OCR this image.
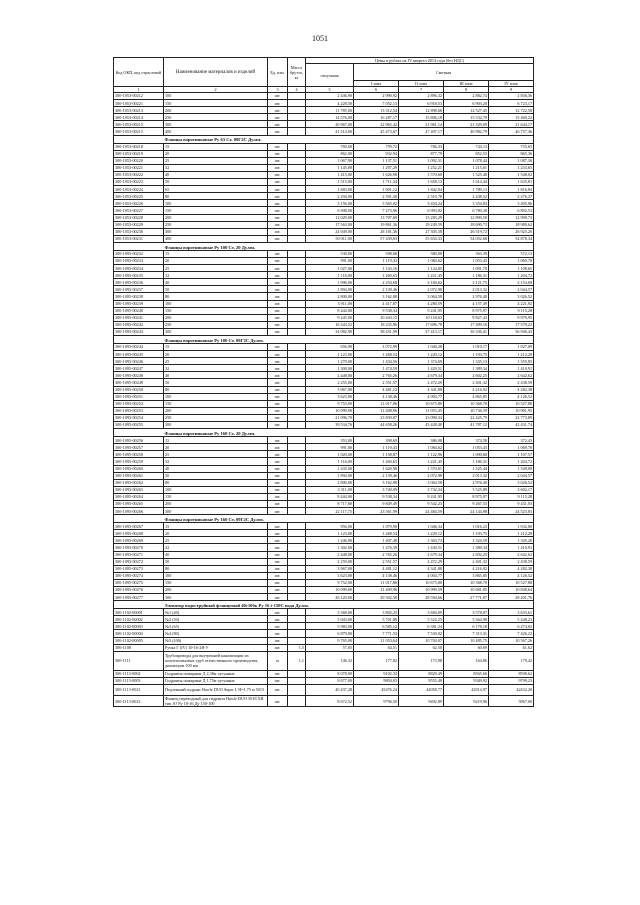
1051
Код ОКП, код отраслевой	Наименование материалов и изделий	Ед. изм.	Масса брутто, кг	Цены в рублях на IV квартал 2014 года (без НДС)				
				отпускная	Сметная			
					I зона	II зона	III зона	IV зона
1	2	3	4	5	6	7	8	9
300-1053-00212	100	шт.		2 446,90	2 990,92	2 896,32	2 882,74	2 836,36
300-1053-00221	150	шт.		4 228,50	7 052,13	6 918,53	6 903,20	6 723,17
300-1053-00213	200	шт.		11 785,00	13 312,54	12 898,68	12 527,45	12 722,58
300-1053-00214	250	шт.		14 576,00	16 287,17	15 806,18	15 532,79	15 469,22
300-1053-00215	300	шт.		20 967,00	22 965,42	21 961,14	21 329,09	21 644,17
300-1053-00215	400	шт.		41 514,00	45 473,67	47 407,17	46 982,79	46 757,46
	Фланцы воротниковые Ру 63 Ст. 09Г2С Ду.мм.							
300-1053-00218	15	шт.		760,00	759,72	766,33	744,13	755,65
300-1053-00219	20	шт.		862,00	932,94	877,79	852,53	865,36
300-1053-00220	25	шт.		1 067,90	1 137,51	1 092,31	1 078,44	1 087,36
300-1053-00221	32	шт.		1 145,00	1 297,29	1 252,21	1 215,61	1 233,65
300-1053-00222	40	шт.		1 415,00	1 626,98	1 570,60	1 525,40	1 548,02
300-1053-00223	50	шт.		1 515,00	1 711,34	1 658,13	1 614,44	1 635,81
300-1053-00224	65	шт.		1 683,00	1 901,12	1 842,04	1 789,13	1 816,84
300-1053-00225	80	шт.		2 294,00	2 591,30	2 510,78	2 438,52	2 476,37
300-1053-00226	100	шт.		3 156,00	3 565,02	3 454,24	3 354,83	3 405,96
300-1053-00227	150	шт.		6 908,00	7 273,96	6 993,82	6 780,28	6 892,53
300-1053-00228	200	шт.		12 029,00	13 707,69	13 283,29	12 890,50	12 999,73
300-1053-00229	250	шт.		17 563,00	19 861,36	19 249,59	18 690,73	18 980,62
300-1053-00230	300	шт.		24 949,00	28 181,36	27 305,58	26 519,72	26 925,26
300-1053-00231	400	шт.		50 011,00	57 439,03	55 654,33	54 052,68	54 878,34
	Фланцы воротниковые Ру 100 Ст. 20 Ду.мм.							
300-1095-00232	15	шт.		530,00	598,68	580,08	563,39	572,13
300-1095-00233	20	шт.		991,00	1 119,43	1 084,62	1 053,43	1 069,78
300-1095-00234	25	шт.		1 027,00	1 143,16	1 124,05	1 091,70	1 108,65
300-1095-00235	32	шт.		1 116,00	1 260,63	1 221,45	1 186,31	1 204,72
300-1095-00236	40	шт.		1 996,00	2 254,68	2 184,62	2 121,75	2 154,68
300-1095-00237	50	шт.		1 894,00	2 139,46	2 072,98	2 013,32	2 044,57
300-1095-00238	80	шт.		2 800,00	3 162,88	3 064,58	2 976,40	3 026,52
300-1095-00239	100	шт.		3 911,00	4 417,87	4 280,59	4 157,39	4 221,92
300-1095-00240	150	шт.		8 444,00	9 538,34	9 241,95	8 975,97	9 115,28
300-1095-00241	200	шт.		9 245,00	10 443,15	10 118,63	9 827,43	9 979,95
300-1095-00242	250	шт.		16 343,52	18 235,86	17 696,78	17 499,16	17 579,22
300-1095-00243	300	шт.		34 082,90	38 431,99	37 413,17	36 336,41	36 946,43
	Фланцы воротниковые Ру 100 Ст. 09Г2С Ду.мм.							
300-1095-00244	15	шт.		656,90	1 072,99	1 040,28	1 010,17	1 027,09
300-1095-00245	20	шт.		1 123,00	1 268,54	1 229,12	1 193,75	1 212,28
300-1095-00246	25	шт.		1 270,00	1 434,56	1 374,69	1 335,13	1 355,85
300-1095-00247	32	шт.		1 300,00	1 474,59	1 429,51	1 389,34	1 410,91
300-1095-00248	40	шт.		2 448,00	2 765,26	2 679,34	2 602,25	2 642,62
300-1095-00249	50	шт.		2 255,00	2 551,57	2 472,29	2 401,32	2 438,59
300-1095-00250	80	шт.		3 967,00	4 481,12	4 341,88	4 216,92	4 282,38
300-1095-00251	100	шт.		3 623,00	4 138,46	4 004,77	4 865,85	4 126,52
300-1095-00252	150	шт.		9 753,00	11 017,86	10 675,80	10 368,70	10 527,88
300-1095-00253	200	шт.		10 099,00	11 408,96	11 053,45	10 736,59	10 901,95
300-1095-00254	250	шт.		21 096,70	23 830,87	23 090,34	22 425,79	22 773,89
300-1095-00255	300	шт.		39 534,76	44 658,26	43 428,40	41 787,12	42 431,74
	Фланцы воротниковые Ру 160 Ст. 20 Ду.мм.							
300-1095-00256	15	шт.		353,00	398,69	386,08	374,58	372,43
300-1095-00257	20	шт.		991,00	1 119,43	1 084,62	1 053,43	1 069,78
300-1095-00258	25	шт.		1 020,00	1 158,87	1 122,96	1 090,60	1 107,57
300-1095-00259	32	шт.		1 116,00	1 260,63	1 221,45	1 186,31	1 204,72
300-1095-00260	40	шт.		1 435,00	1 620,98	1 570,61	1 525,44	1 549,08
300-1095-00261	50	шт.		1 894,00	2 139,46	2 072,98	2 013,32	2 044,57
300-1095-00262	80	шт.		2 800,00	3 162,88	3 064,58	2 976,40	3 026,52
300-1095-00263	100	шт.		3 311,00	3 740,09	3 732,34	3 525,89	3 602,17
300-1095-00264	150	шт.		8 444,00	9 538,34	9 241,95	8 975,97	9 115,28
300-1095-00265	200	шт.		8 717,00	9 849,49	9 542,23	9 267,53	9 431,03
300-1095-00266	300	шт.		22 117,75	23 561,99	24 484,59	24 144,98	24 523,83
	Фланцы воротниковые Ру 160 Ст. 09Г2С Ду.мм.							
300-1095-00267	15	шт.		956,00	1 079,90	1 046,34	1 016,23	1 032,00
300-1095-00268	20	шт.		1 123,00	1 268,54	1 229,12	1 193,75	1 212,28
300-1095-00269	25	шт.		1 246,00	1 407,48	1 363,73	1 324,59	1 345,26
300-1095-00270	32	шт.		1 302,00	1 476,39	1 430,51	1 389,34	1 410,91
300-1095-00271	40	шт.		2 448,00	2 765,26	2 679,34	2 602,25	2 642,62
300-1095-00272	50	шт.		2 259,00	2 551,57	2 472,29	2 401,32	2 438,59
300-1095-00273	80	шт.		3 967,00	4 481,12	4 341,88	4 216,92	4 282,38
300-1095-00274	100	шт.		3 623,00	4 138,46	4 004,77	3 865,85	4 126,52
300-1095-00275	150	шт.		9 752,00	11 017,86	10 675,80	10 368,70	10 527,88
300-1095-00276	200	шт.		10 099,00	11 409,96	10 999,59	10 681,85	10 848,64
300-1095-00277	300	шт.		26 120,00	29 502,58	28 594,66	27 771,97	28 201,76
	Элеватор водоструйный фланцевый 40с10бк Ру 16 t-150С вода Ду.мм.							
300-1102-00001	№1 (40)	шт.		3 368,00	3 802,23	3 684,09	3 578,07	3 633,61
300-1102-00002	№2 (50)	шт.		5 043,00	5 701,88	5 522,25	5 364,98	5 448,23
300-1102-00003	№3 (65)	шт.		5 983,00	6 585,12	6 381,24	6 178,18	6 274,65
300-1102-00004	№4 (80)	шт.		6 879,00	7 771,53	7 530,02	7 313,31	7 426,22
300-1102-00005	№5 (100)	шт.		9 765,00	11 053,64	10 704,07	10 485,75	10 567,26
300-1108	Ручка Г (IV) 10-16-2Я-У	шт.	1,5	57,05	64,51	62,50	60,69	61,62
300-1111	Трубопроводы для внутренней канализации из полиэтиленовых труб отечественного производства, диаметром 100 мм	м	1,1	146,32	177,82	173,98	164,86	179,42
300-1113-0002	Гидранты пожарные Д 2,38м чугунные	шт.		8 078,00	9102,33	8829,49	8565,66	8598,62
300-1113-0003	Гидранты пожарные Д 1,75м чугунные	шт.		8 677,00	9804,03	9555,48	9349,92	9799,23
300-1113-0021	Подземный гидрант Hawle DUO Super L H=1,75 м 5015	шт.		40 437,28	45476,24	44058,77	42914,97	42432,20
300-1113-0023	Фланец переходный для гидранта Hawle DUO 5018 XR тип А? Ру 10-16 Ду 150-100	шт.		8 672,52	9796,50	9492,89	9219,96	5967,00
